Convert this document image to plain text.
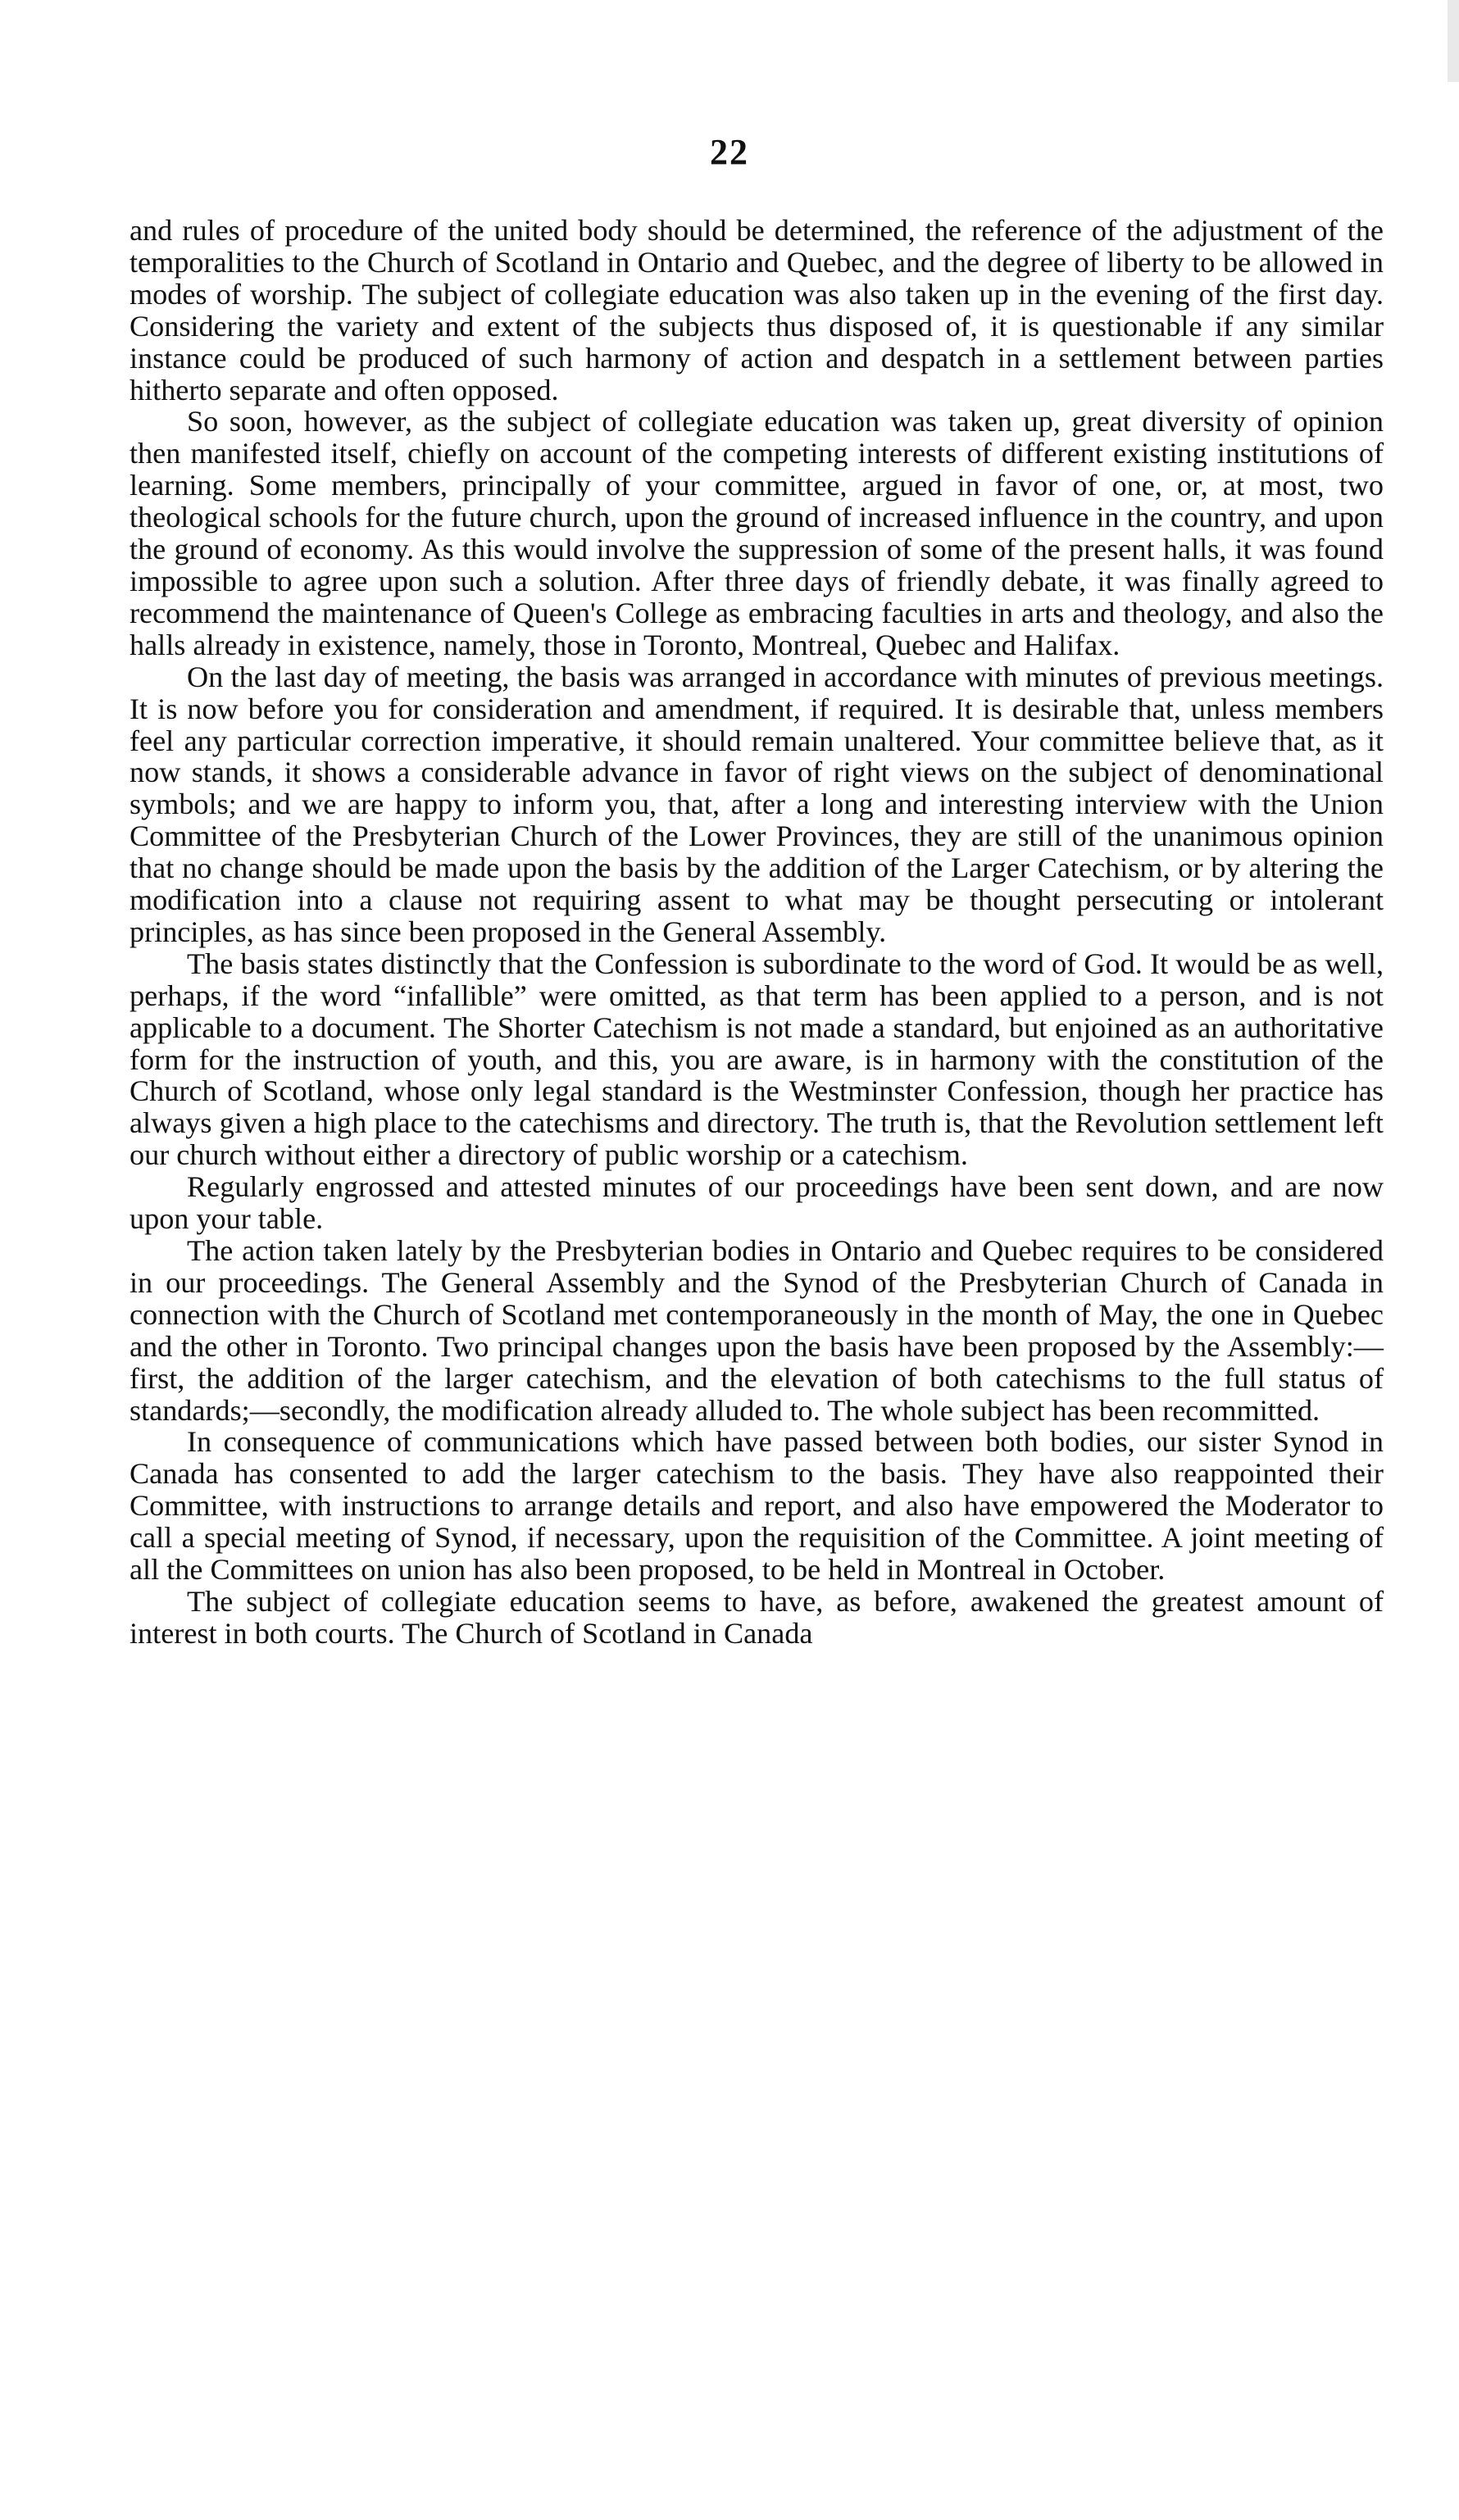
22

and rules of procedure of the united body should be determined, the reference of the adjustment of the temporalities to the Church of Scotland in Ontario and Quebec, and the degree of liberty to be allowed in modes of worship. The subject of collegiate education was also taken up in the evening of the first day. Considering the variety and extent of the subjects thus disposed of, it is questionable if any similar instance could be produced of such harmony of action and despatch in a settlement between parties hitherto separate and often opposed.

So soon, however, as the subject of collegiate education was taken up, great diversity of opinion then manifested itself, chiefly on account of the competing interests of different existing institutions of learning. Some members, principally of your committee, argued in favor of one, or, at most, two theological schools for the future church, upon the ground of increased influence in the country, and upon the ground of economy. As this would involve the suppression of some of the present halls, it was found impossible to agree upon such a solution. After three days of friendly debate, it was finally agreed to recommend the maintenance of Queen's College as embracing faculties in arts and theology, and also the halls already in existence, namely, those in Toronto, Montreal, Quebec and Halifax.

On the last day of meeting, the basis was arranged in accordance with minutes of previous meetings. It is now before you for consideration and amendment, if required. It is desirable that, unless members feel any particular correction imperative, it should remain unaltered. Your committee believe that, as it now stands, it shows a considerable advance in favor of right views on the subject of denominational symbols; and we are happy to inform you, that, after a long and interesting interview with the Union Committee of the Presbyterian Church of the Lower Provinces, they are still of the unanimous opinion that no change should be made upon the basis by the addition of the Larger Catechism, or by altering the modification into a clause not requiring assent to what may be thought persecuting or intolerant principles, as has since been proposed in the General Assembly.

The basis states distinctly that the Confession is subordinate to the word of God. It would be as well, perhaps, if the word “infallible” were omitted, as that term has been applied to a person, and is not applicable to a document. The Shorter Catechism is not made a standard, but enjoined as an authoritative form for the instruction of youth, and this, you are aware, is in harmony with the constitution of the Church of Scotland, whose only legal standard is the Westminster Confession, though her practice has always given a high place to the catechisms and directory. The truth is, that the Revolution settlement left our church without either a directory of public worship or a catechism.

Regularly engrossed and attested minutes of our proceedings have been sent down, and are now upon your table.

The action taken lately by the Presbyterian bodies in Ontario and Quebec requires to be considered in our proceedings. The General Assembly and the Synod of the Presbyterian Church of Canada in connection with the Church of Scotland met contemporaneously in the month of May, the one in Quebec and the other in Toronto. Two principal changes upon the basis have been proposed by the Assembly:—first, the addition of the larger catechism, and the elevation of both catechisms to the full status of standards;—secondly, the modification already alluded to. The whole subject has been recommitted.

In consequence of communications which have passed between both bodies, our sister Synod in Canada has consented to add the larger catechism to the basis. They have also reappointed their Committee, with instructions to arrange details and report, and also have empowered the Moderator to call a special meeting of Synod, if necessary, upon the requisition of the Committee. A joint meeting of all the Committees on union has also been proposed, to be held in Montreal in October.

The subject of collegiate education seems to have, as before, awakened the greatest amount of interest in both courts. The Church of Scotland in Canada
